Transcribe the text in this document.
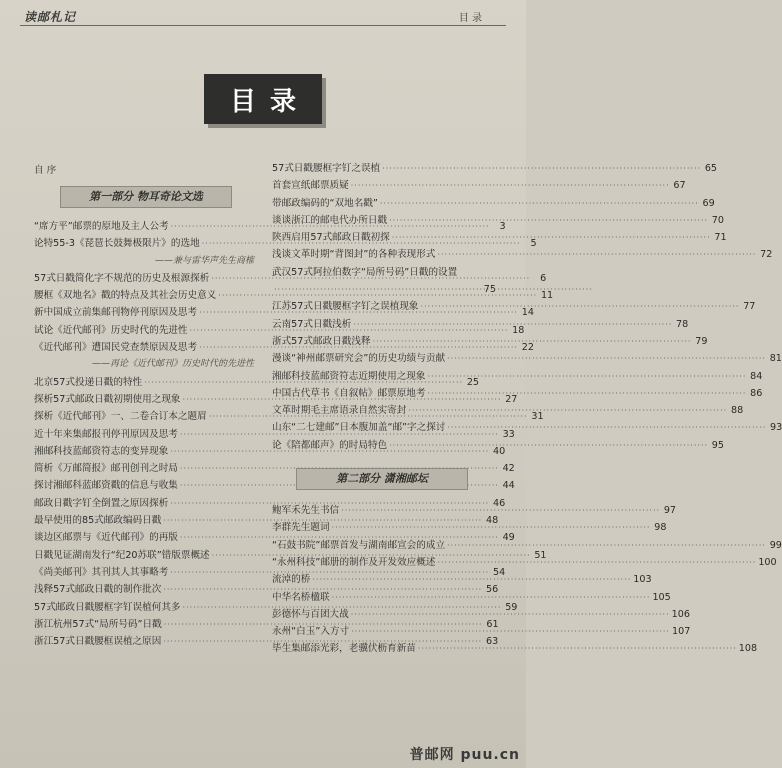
读邮札记	目 录
目录
自 序
第一部分 物耳奇论文选
“席方平”邮票的原地及主人公考 ·····	3
论特55-3《琵琶长鼓舞极限片》的选地 ·····	5
——兼与雷华声先生商榷
57式日戳简化字不规范的历史及根源探析 ·····	6
腰框《双地名》戳的特点及其社会历史意义 ·····	11
新中国成立前集邮刊物停刊原因及思考 ·····	14
试论《近代邮刊》历史时代的先进性 ·····	18
《近代邮刊》遭国民党查禁原因及思考 ·····	22
——再论《近代邮刊》历史时代的先进性
北京57式投递日戳的特性 ·····	25
探析57式邮政日戳初期使用之现象 ·····	27
探析《近代邮刊》一、二卷合订本之题眉 ·····	31
近十年来集邮报刊停刊原因及思考 ·····	33
湘邮科技蓝邮资符志的变异现象 ·····	40
简析《万邮简报》邮刊创刊之时局 ·····	42
探讨湘邮科蓝邮资戳的信息与收集 ·····	44
邮政日戳字钉全倒置之原因探析 ·····	46
最早使用的85式邮政编码日戳 ·····	48
谈边区邮票与《近代邮刊》的再版 ·····	49
日戳见证湖南发行“纪20苏联”错版票概述 ·····	51
《尚美邮刊》其刊其人其事略考 ·····	54
浅释57式邮政日戳的制作批次 ·····	56
57式邮政日戳腰框字钉误植何其多 ·····	59
浙江杭州57式“局所号码”日戳 ·····	61
浙江57式日戳腰框误植之原因 ·····	63
57式日戳腰框字钉之误植 ·····	65
首套宣纸邮票质疑 ·····	67
带邮政编码的“双地名戳” ·····	69
谈谈浙江的邮电代办所日戳 ·····	70
陕西启用57式邮政日戳初探 ·····	71
浅谈文革时期“背图封”的各种表现形式 ·····	72
武汉57式阿拉伯数字“局所号码”日戳的设置·····
75
江苏57式日戳腰框字钉之误植现象 ·····	77
云南57式日戳浅析 ·····	78
浙式57式邮政日戳浅释 ·····	79
漫谈“神州邮票研究会”的历史功绩与贡献 ·····	81
湘邮科技蓝邮资符志近期使用之现象 ·····	84
中国古代草书《自叙帖》邮票原地考 ·····	86
文革时期毛主席语录自然实寄封 ·····	88
山东“二七建邮”日本腹加盖“邮”字之探讨 ·····	93
论《陪都邮声》的时局特色 ·····	95
第二部分 潇湘邮坛
鲍军禾先生书信 ·····	97
李群先生题词 ·····	98
“石鼓书院”邮票首发与湖南邮宣会的成立 ·····	99
“永州科技”邮册的制作及开发效应概述 ·····	100
流淖的桥 ·····	103
中华名桥楹联 ·····	105
彭德怀与百团大战 ·····	106
永州“白玉”入方寸 ·····	107
毕生集邮添光彩，老骥伏枥育新苗 ·····	108
普邮网 puu.cn
